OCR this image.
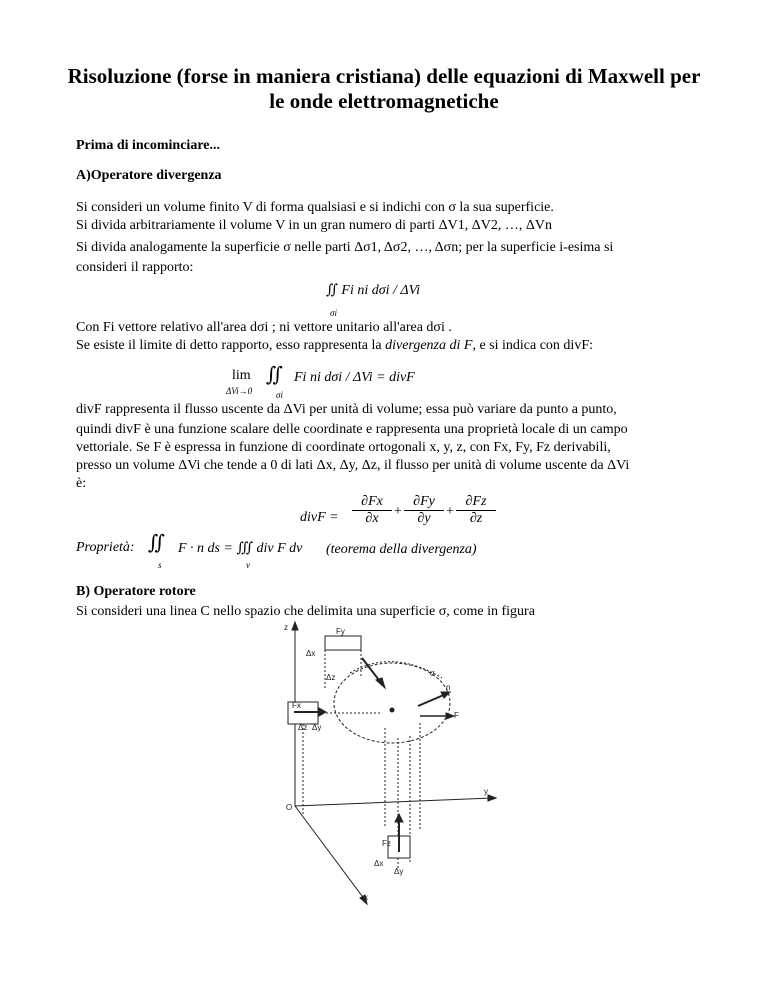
Risoluzione (forse in maniera cristiana) delle equazioni di Maxwell per le onde elettromagnetiche
Prima di incominciare...
A)Operatore divergenza
Si consideri un volume finito V di forma qualsiasi e si indichi con σ la sua superficie.
Si divida arbitrariamente il volume V in un gran numero di parti ΔV1, ΔV2, …, ΔVn
Si divida analogamente la superficie σ nelle parti Δσ1, Δσ2, …, Δσn; per la superficie i-esima si
consideri il rapporto:
∬ Fi ni dσi / ΔVi
σi
Con Fi vettore relativo all'area dσi ; ni vettore unitario all'area dσi .
Se esiste il limite di detto rapporto, esso rappresenta la divergenza di F, e si indica con divF:
lim
ΔVi→0
∬ Fi ni dσi / ΔVi = divF
σi
divF rappresenta il flusso uscente da ΔVi per unità di volume; essa può variare da punto a punto,
quindi divF è una funzione scalare delle coordinate e rappresenta una proprietà locale di un campo
vettoriale. Se F è espressa in funzione di coordinate ortogonali x, y, z, con Fx, Fy, Fz derivabili,
presso un volume ΔVi che tende a 0 di lati Δx, Δy, Δz, il flusso per unità di volume uscente da ΔVi
è:
divF = $\frac{\partial Fx}{\partial x} + \frac{\partial Fy}{\partial y} + \frac{\partial Fz}{\partial z}$
Proprietà: ∬ F · n ds = ∭ div F dv
s	v
(teorema della divergenza)
B) Operatore rotore
Si consideri una linea C nello spazio che delimita una superficie σ, come in figura
z
y
x
O
F
n
Fx
Fy
Fz
σ
Δx
Δy
Δz
Δz
Δx
Δy
